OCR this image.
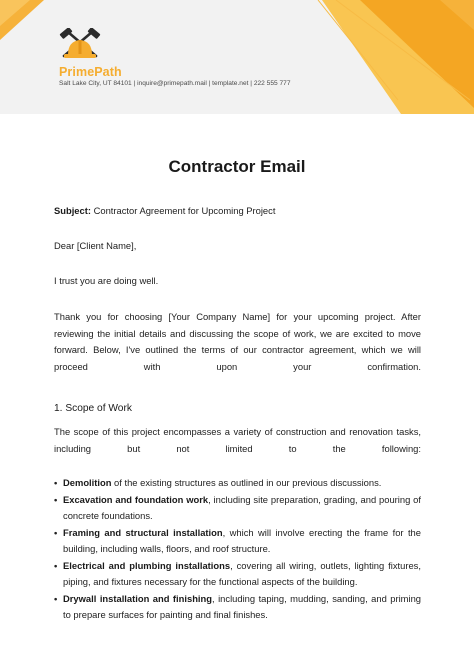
PrimePath
Salt Lake City, UT 84101 | inquire@primepath.mail | template.net | 222 555 777
Contractor Email
Subject: Contractor Agreement for Upcoming Project
Dear [Client Name],
I trust you are doing well.
Thank you for choosing [Your Company Name] for your upcoming project. After reviewing the initial details and discussing the scope of work, we are excited to move forward. Below, I've outlined the terms of our contractor agreement, which we will proceed with upon your confirmation.
1. Scope of Work
The scope of this project encompasses a variety of construction and renovation tasks, including but not limited to the following:
• Demolition of the existing structures as outlined in our previous discussions.
• Excavation and foundation work, including site preparation, grading, and pouring of concrete foundations.
• Framing and structural installation, which will involve erecting the frame for the building, including walls, floors, and roof structure.
• Electrical and plumbing installations, covering all wiring, outlets, lighting fixtures, piping, and fixtures necessary for the functional aspects of the building.
• Drywall installation and finishing, including taping, mudding, sanding, and priming to prepare surfaces for painting and final finishes.
